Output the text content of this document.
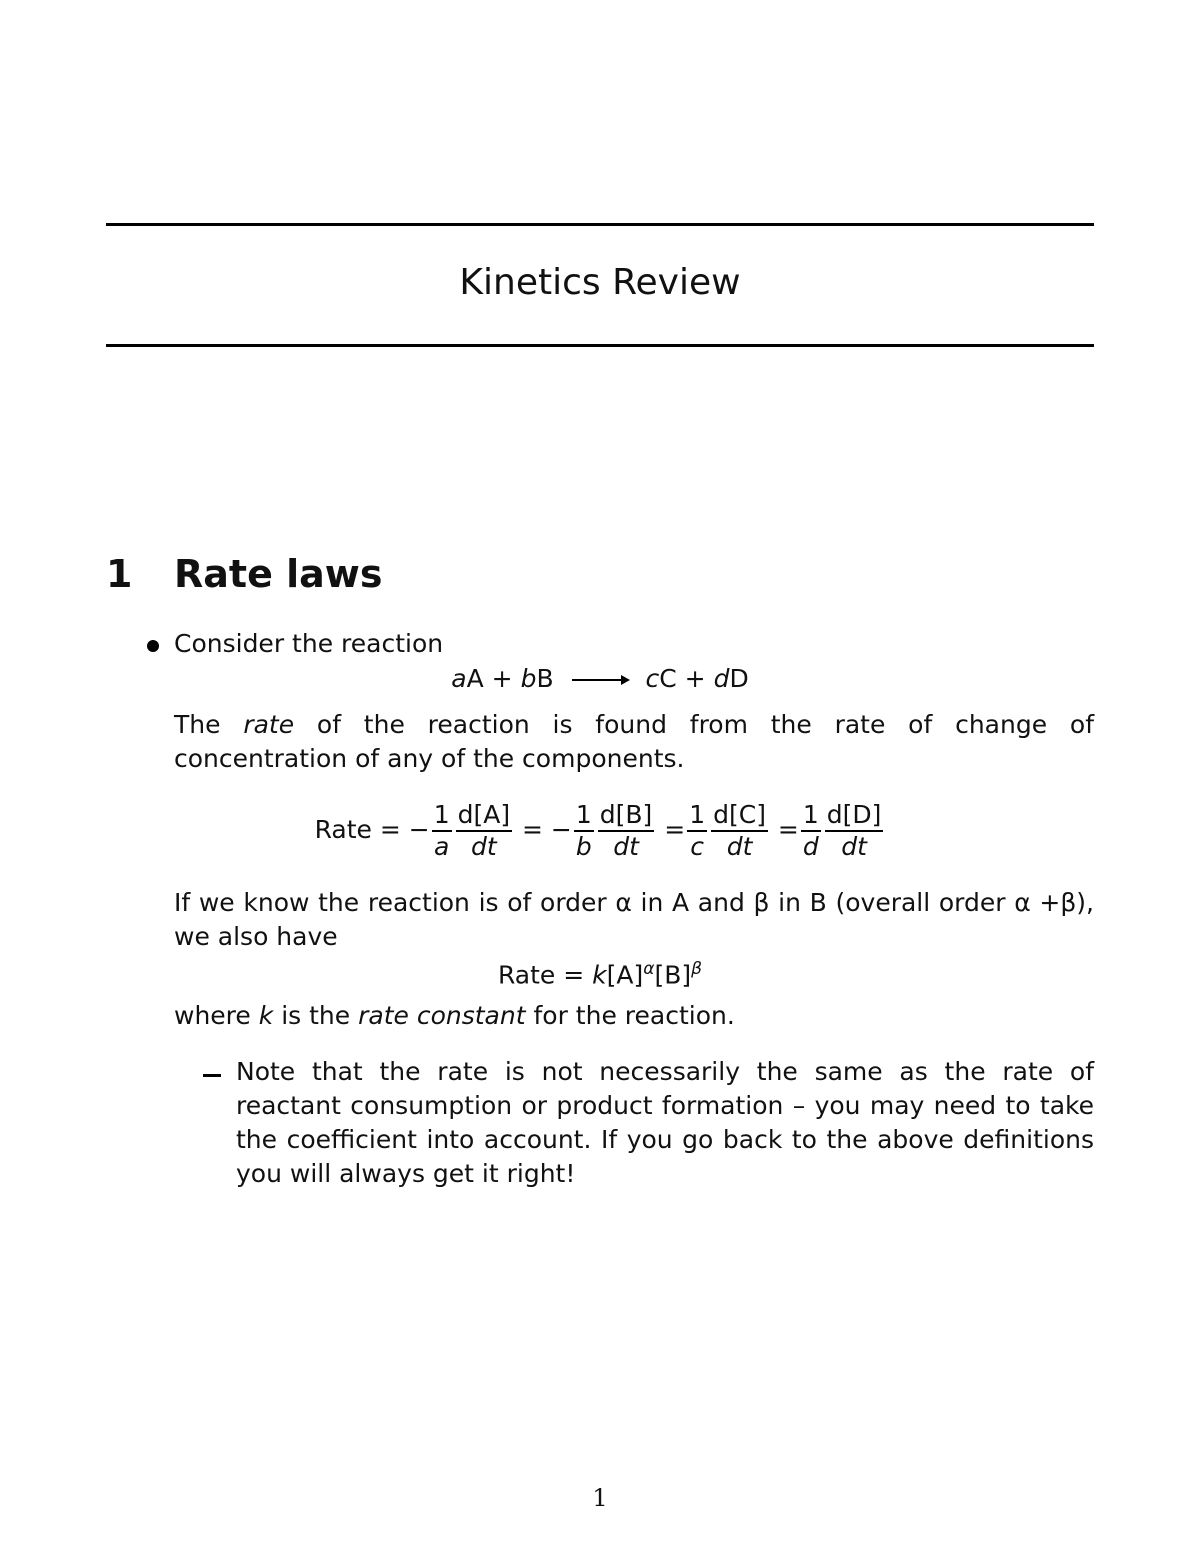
Kinetics Review
1 Rate laws

Consider the reaction

aA + bB → cC + dD

The rate of the reaction is found from the rate of change of concentration of any of the components.

Rate = − $\frac{1}{a} \frac{d[A]}{dt}$ = − $\frac{1}{b} \frac{d[B]}{dt} = \frac{1}{c} \frac{d[C]}{dt} = \frac{1}{d} \frac{d[D]}{dt}$

If we know the reaction is of order α in A and β in B (overall order α +β), we also have

Rate = $k[A]^\alpha[B]^\beta$

where k is the rate constant for the reaction.

Note that the rate is not necessarily the same as the rate of reactant consumption or product formation – you may need to take the coefficient into account. If you go back to the above definitions you will always get it right!

1
